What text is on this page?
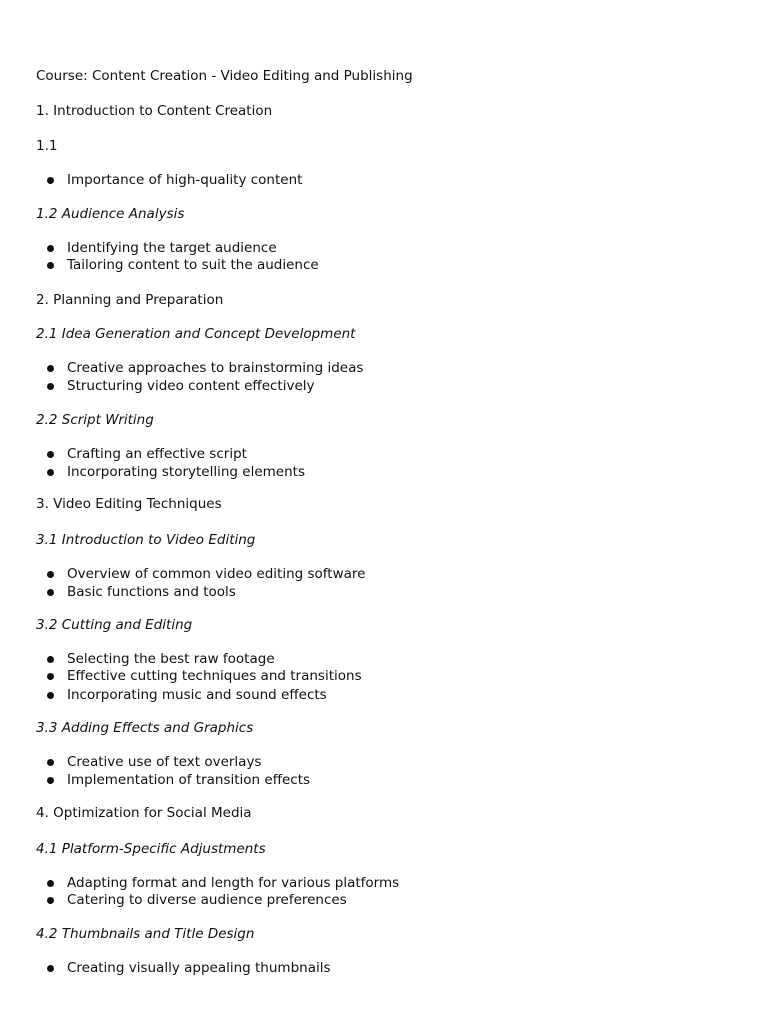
Course: Content Creation - Video Editing and Publishing
1. Introduction to Content Creation
1.1
Importance of high-quality content
1.2 Audience Analysis
Identifying the target audience
Tailoring content to suit the audience
2. Planning and Preparation
2.1 Idea Generation and Concept Development
Creative approaches to brainstorming ideas
Structuring video content effectively
2.2 Script Writing
Crafting an effective script
Incorporating storytelling elements
3. Video Editing Techniques
3.1 Introduction to Video Editing
Overview of common video editing software
Basic functions and tools
3.2 Cutting and Editing
Selecting the best raw footage
Effective cutting techniques and transitions
Incorporating music and sound effects
3.3 Adding Effects and Graphics
Creative use of text overlays
Implementation of transition effects
4. Optimization for Social Media
4.1 Platform-Specific Adjustments
Adapting format and length for various platforms
Catering to diverse audience preferences
4.2 Thumbnails and Title Design
Creating visually appealing thumbnails
